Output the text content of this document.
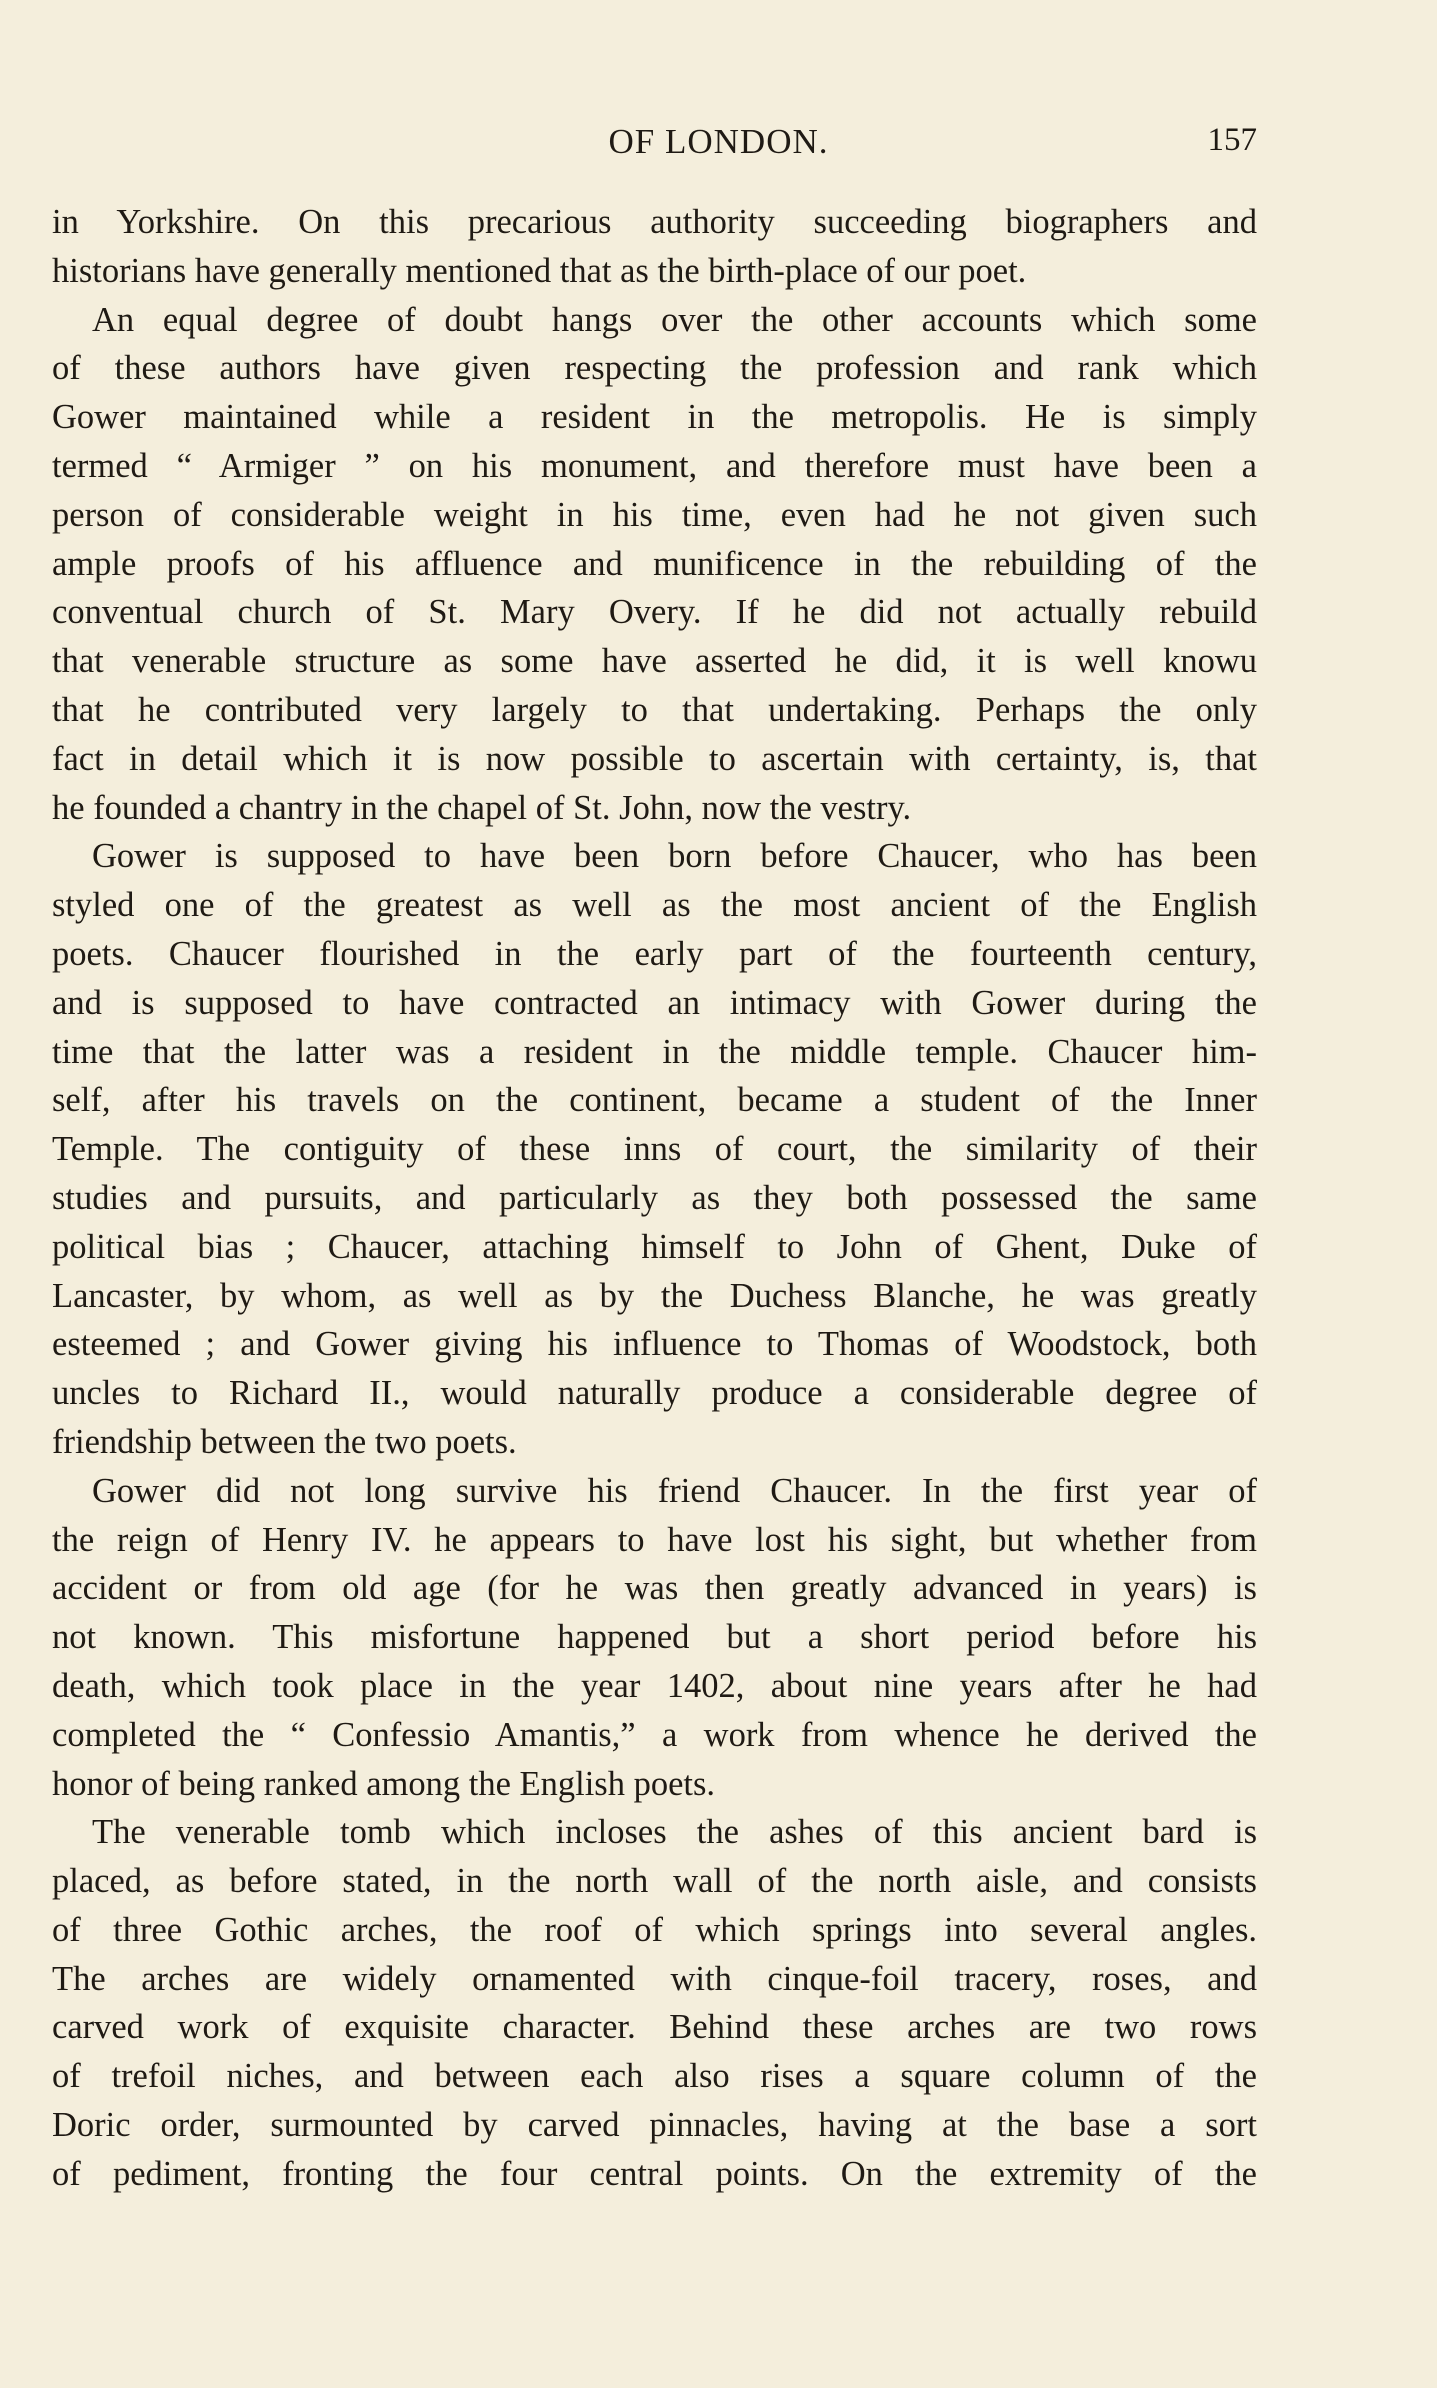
OF LONDON.	157

in Yorkshire. On this precarious authority succeeding biographers and

historians have generally mentioned that as the birth-place of our poet.

An equal degree of doubt hangs over the other accounts which some

of these authors have given respecting the profession and rank which

Gower maintained while a resident in the metropolis. He is simply

termed “ Armiger ” on his monument, and therefore must have been a

person of considerable weight in his time, even had he not given such

ample proofs of his affluence and munificence in the rebuilding of the

conventual church of St. Mary Overy. If he did not actually rebuild

that venerable structure as some have asserted he did, it is well knowu

that he contributed very largely to that undertaking. Perhaps the only

fact in detail which it is now possible to ascertain with certainty, is, that

he founded a chantry in the chapel of St. John, now the vestry.

Gower is supposed to have been born before Chaucer, who has been

styled one of the greatest as well as the most ancient of the English

poets. Chaucer flourished in the early part of the fourteenth century,

and is supposed to have contracted an intimacy with Gower during the

time that the latter was a resident in the middle temple. Chaucer him-

self, after his travels on the continent, became a student of the Inner

Temple. The contiguity of these inns of court, the similarity of their

studies and pursuits, and particularly as they both possessed the same

political bias ; Chaucer, attaching himself to John of Ghent, Duke of

Lancaster, by whom, as well as by the Duchess Blanche, he was greatly

esteemed ; and Gower giving his influence to Thomas of Woodstock, both

uncles to Richard II., would naturally produce a considerable degree of

friendship between the two poets.

Gower did not long survive his friend Chaucer. In the first year of

the reign of Henry IV. he appears to have lost his sight, but whether from

accident or from old age (for he was then greatly advanced in years) is

not known. This misfortune happened but a short period before his

death, which took place in the year 1402, about nine years after he had

completed the “ Confessio Amantis,” a work from whence he derived the

honor of being ranked among the English poets.

The venerable tomb which incloses the ashes of this ancient bard is

placed, as before stated, in the north wall of the north aisle, and consists

of three Gothic arches, the roof of which springs into several angles.

The arches are widely ornamented with cinque-foil tracery, roses, and

carved work of exquisite character. Behind these arches are two rows

of trefoil niches, and between each also rises a square column of the

Doric order, surmounted by carved pinnacles, having at the base a sort

of pediment, fronting the four central points. On the extremity of the
